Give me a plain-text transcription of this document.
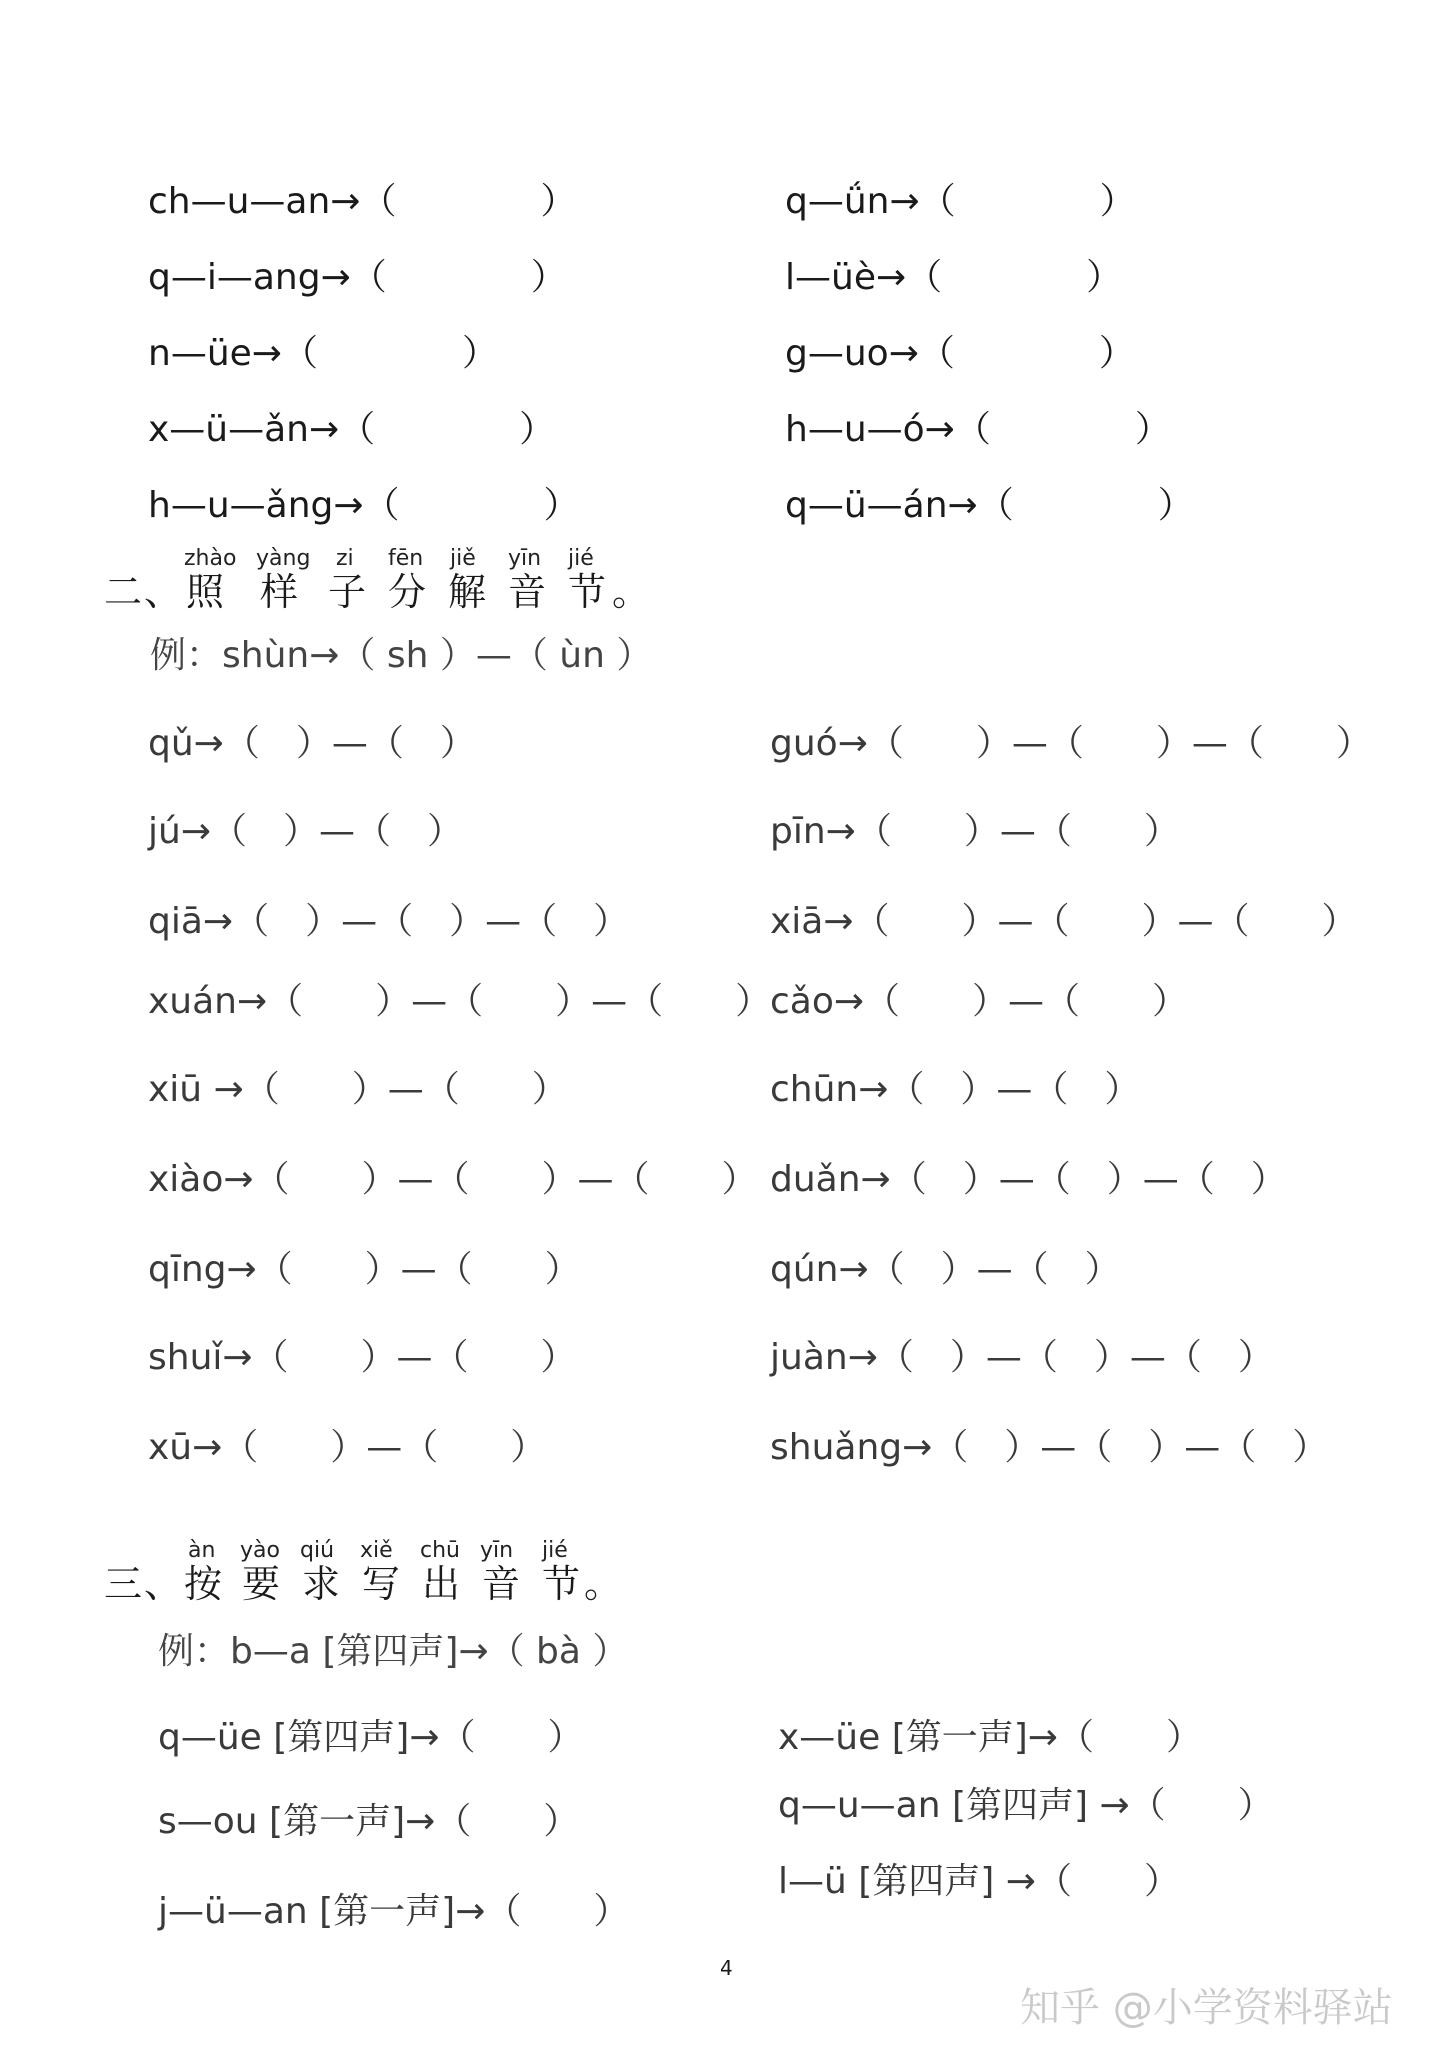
ch—u—an→（　　　　）
q—i—ang→（　　　　）
n—üe→（　　　　）
x—ü—ǎn→（　　　　）
h—u—ǎng→（　　　　）
q—ǘn→（　　　　）
l—üè→（　　　　）
g—uo→（　　　　）
h—u—ó→（　　　　）
q—ü—án→（　　　　）
二、
zhào yàng zi fēn jiě yīn jié
照 样 子 分 解 音 节 。
例：shùn→（ sh ）—（ ùn ）
qǔ→（　）—（　）
jú→（　）—（　）
qiā→（　）—（　）—（　）
xuán→（　　）—（　　）—（　　）
xiū →（　　）—（　　）
xiào→（　　）—（　　）—（　　）
qīng→（　　）—（　　）
shuǐ→（　　）—（　　）
xū→（　　）—（　　）
guó→（　　）—（　　）—（　　）
pīn→（　　）—（　　）
xiā→（　　）—（　　）—（　　）
cǎo→（　　）—（　　）
chūn→（　）—（　）
duǎn→（　）—（　）—（　）
qún→（　）—（　）
juàn→（　）—（　）—（　）
shuǎng→（　）—（　）—（　）
三、
àn yào qiú xiě chū yīn jié
按 要 求 写 出 音 节 。
例：b—a [第四声]→（ bà ）
q—üe [第四声]→（　　）
s—ou [第一声]→（　　）
j—ü—an [第一声]→（　　）
x—üe [第一声]→（　　）
q—u—an [第四声] →（　　）
l—ü [第四声] →（　　）
4
知乎 @小学资料驿站
